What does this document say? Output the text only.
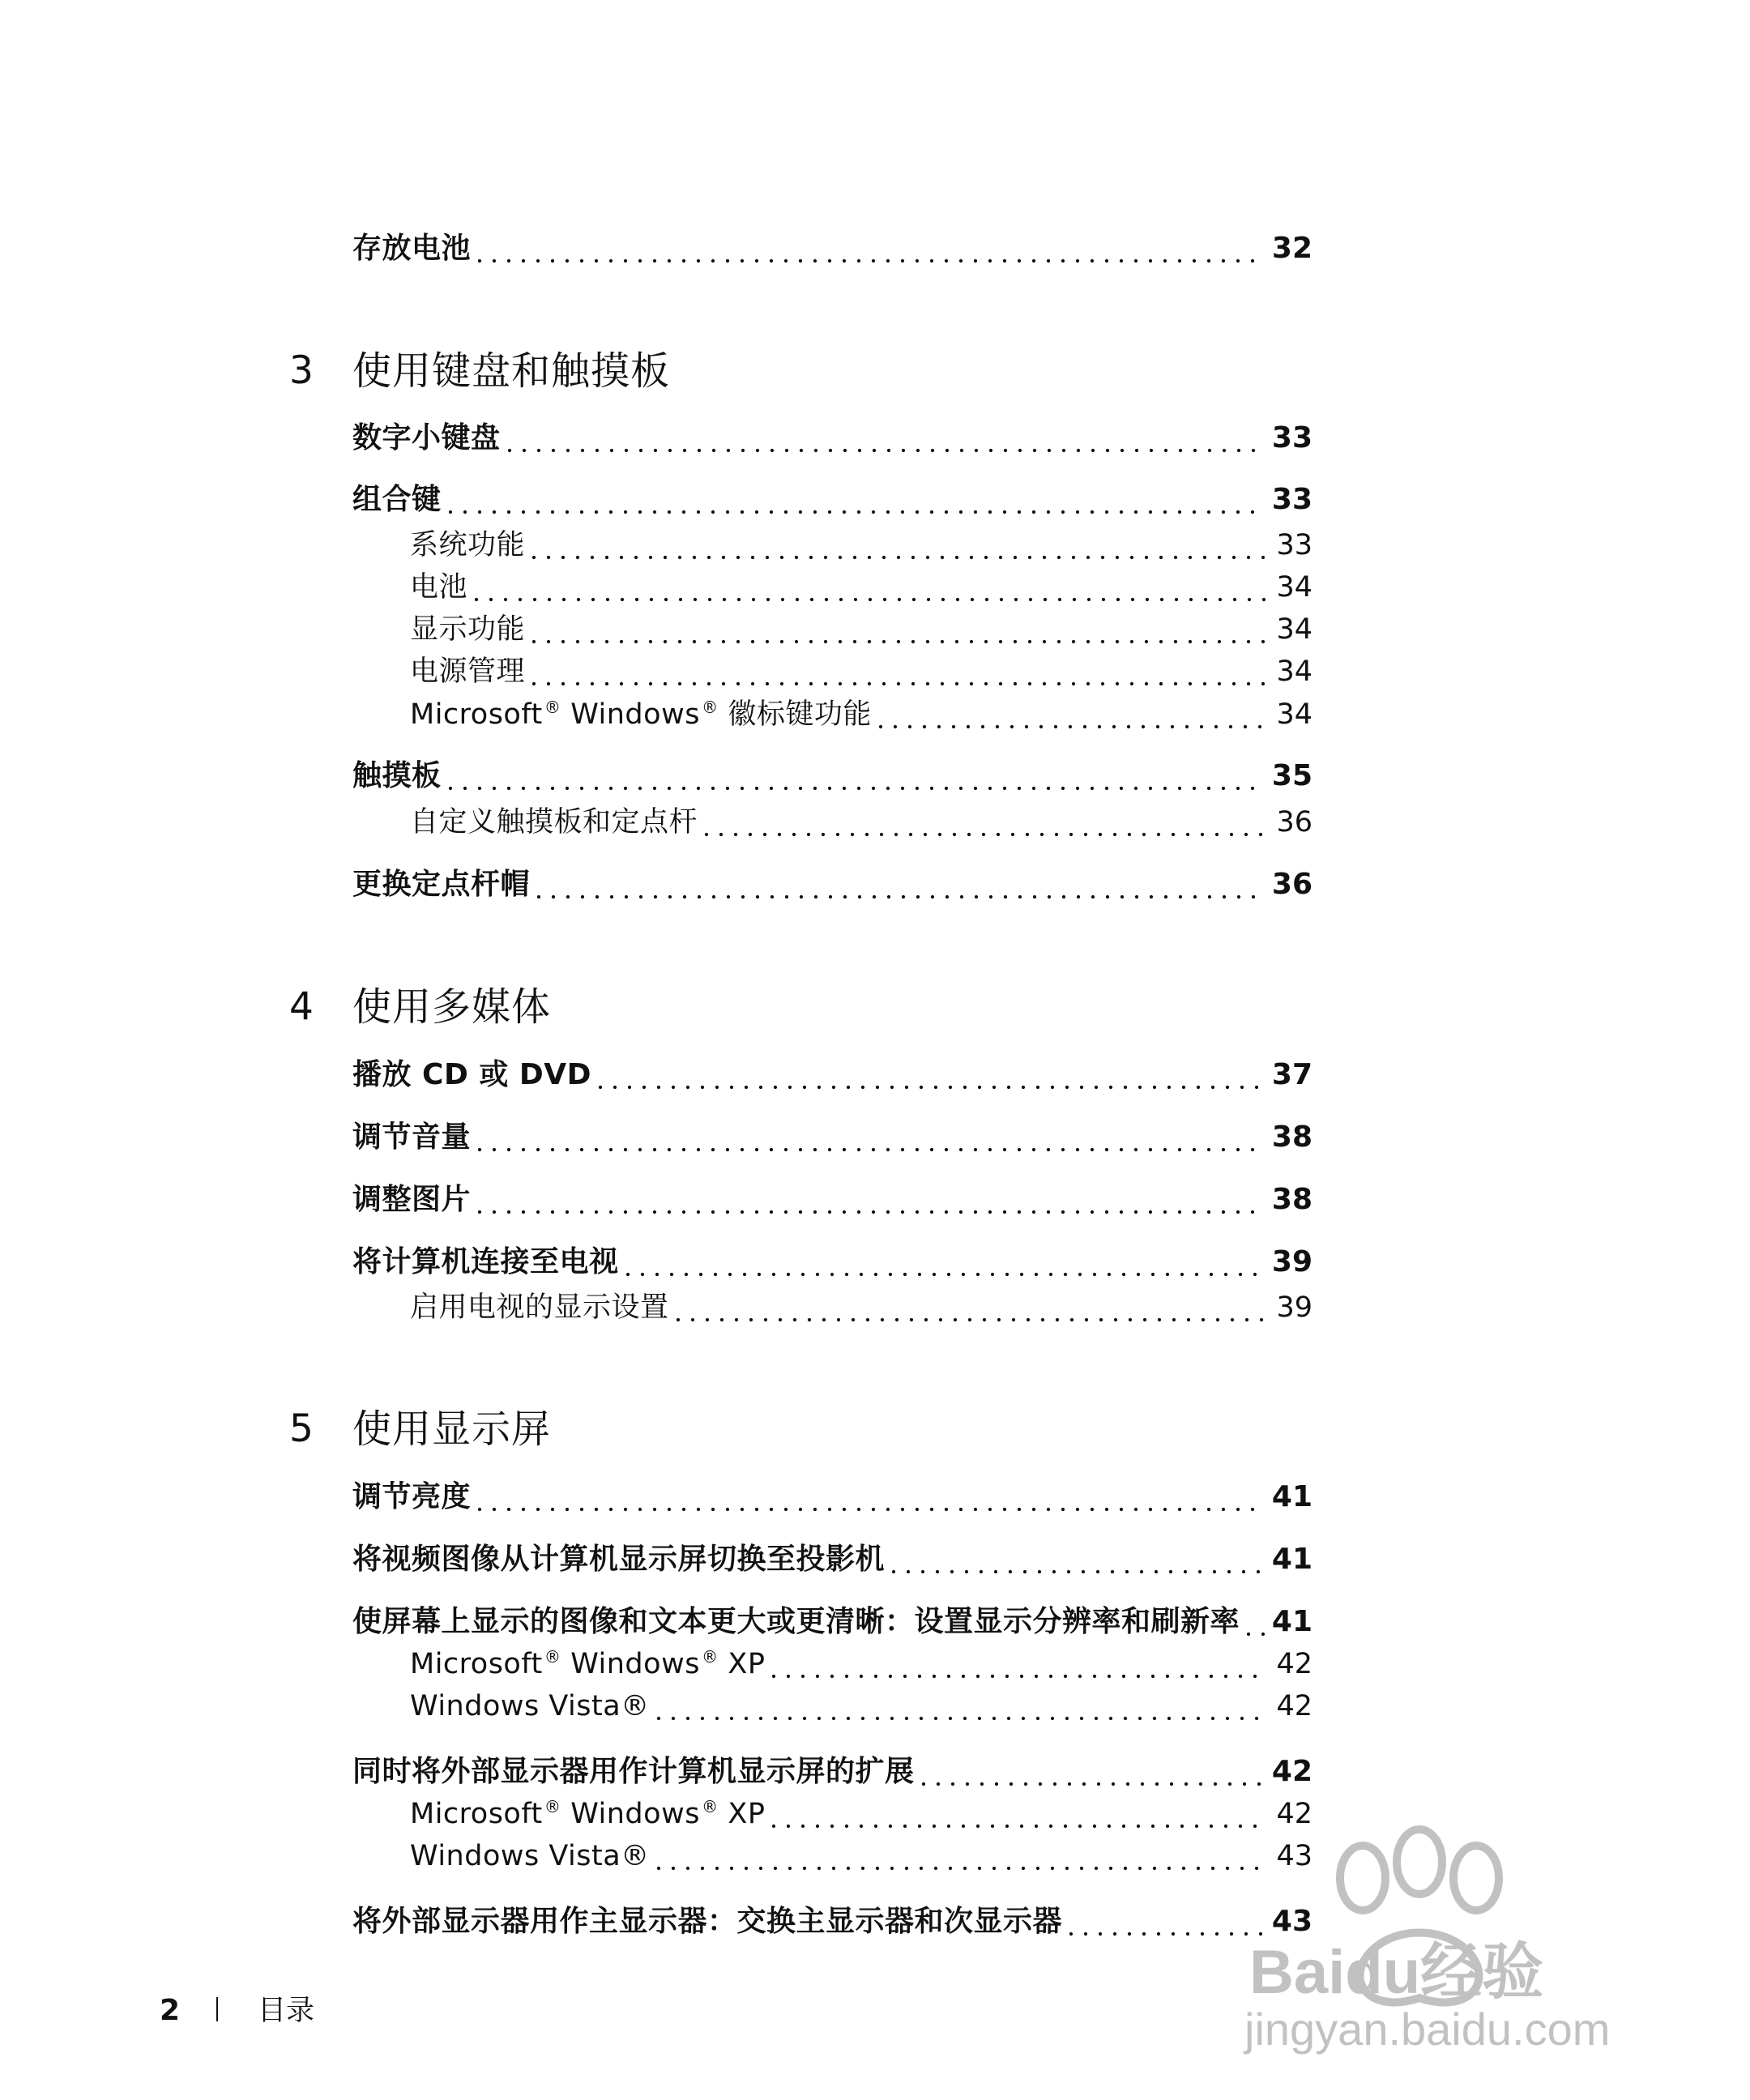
存放电池	32
3 使用键盘和触摸板
数字小键盘	33
组合键	33
系统功能	33
电池	34
显示功能	34
电源管理	34
Microsoft® Windows® 徽标键功能	34
触摸板	35
自定义触摸板和定点杆	36
更换定点杆帽	36
4 使用多媒体
播放 CD 或 DVD	37
调节音量	38
调整图片	38
将计算机连接至电视	39
启用电视的显示设置	39
5 使用显示屏
调节亮度	41
将视频图像从计算机显示屏切换至投影机	41
使屏幕上显示的图像和文本更大或更清晰：设置显示分辨率和刷新率 41
Microsoft® Windows® XP	42
Windows Vista®	42
同时将外部显示器用作计算机显示屏的扩展	42
Microsoft® Windows® XP	42
Windows Vista®	43
将外部显示器用作主显示器：交换主显示器和次显示器	43
2	目录
Baidu经验
jingyan.baidu.com
